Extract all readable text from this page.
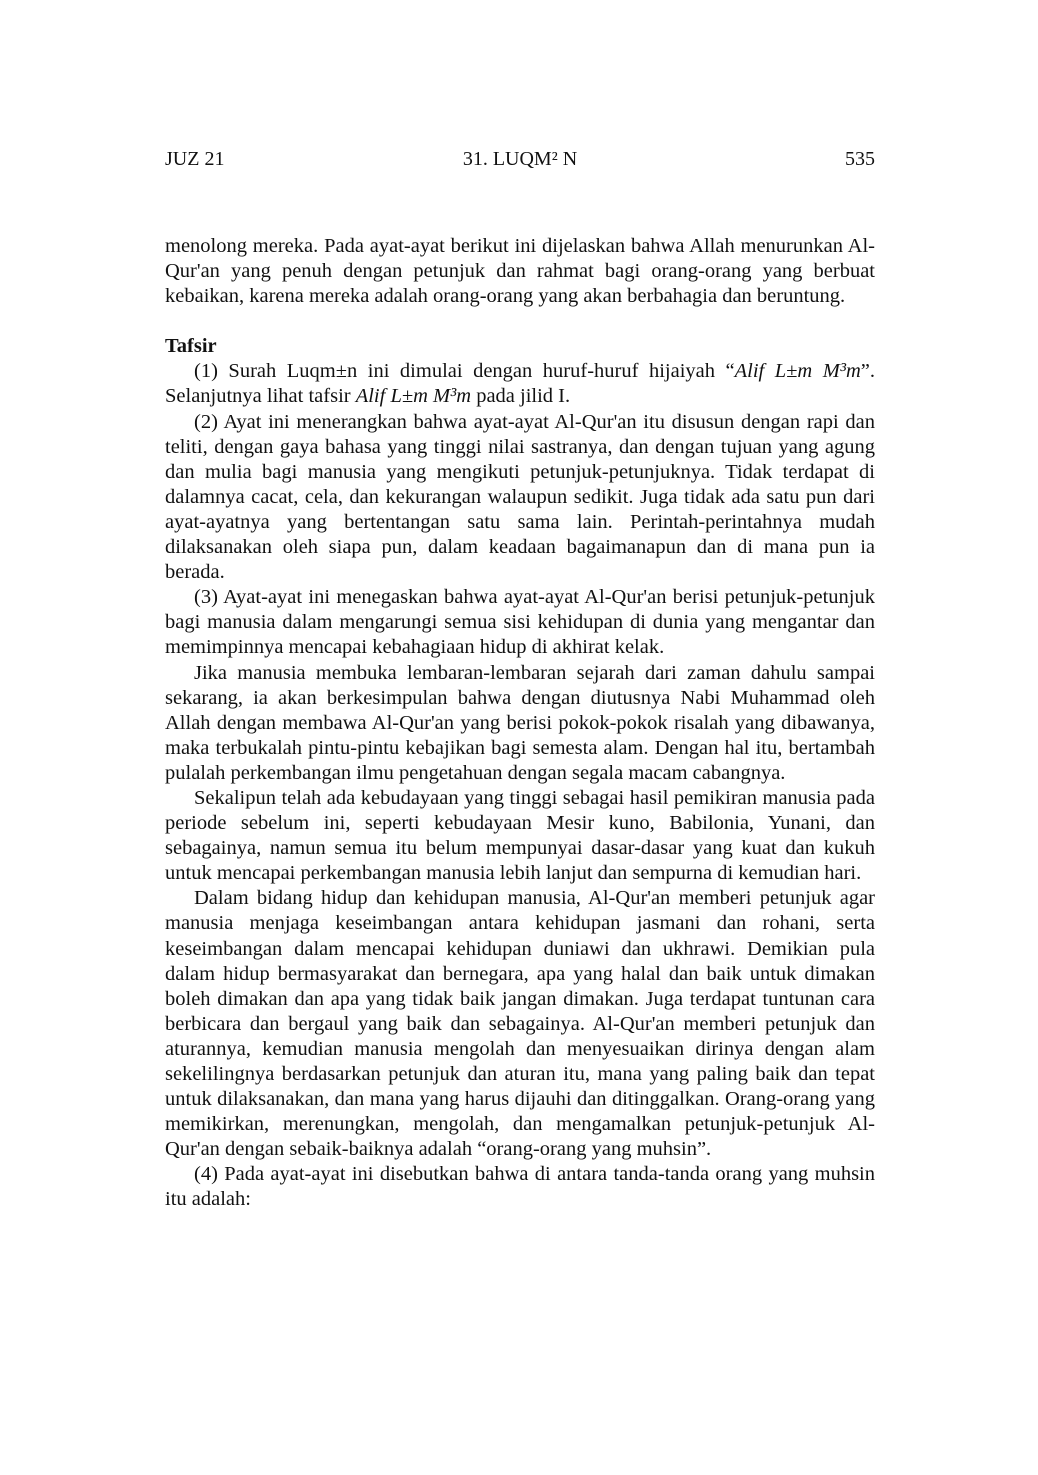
JUZ 21	31. LUQM² N	535

menolong mereka. Pada ayat-ayat berikut ini dijelaskan bahwa Allah menurunkan Al-Qur'an yang penuh dengan petunjuk dan rahmat bagi orang-orang yang berbuat kebaikan, karena mereka adalah orang-orang yang akan berbahagia dan beruntung.

Tafsir

(1) Surah Luqm±n ini dimulai dengan huruf-huruf hijaiyah “Alif L±m M³m”. Selanjutnya lihat tafsir Alif L±m M³m pada jilid I.

(2) Ayat ini menerangkan bahwa ayat-ayat Al-Qur'an itu disusun dengan rapi dan teliti, dengan gaya bahasa yang tinggi nilai sastranya, dan dengan tujuan yang agung dan mulia bagi manusia yang mengikuti petunjuk-petunjuknya. Tidak terdapat di dalamnya cacat, cela, dan kekurangan walaupun sedikit. Juga tidak ada satu pun dari ayat-ayatnya yang bertentangan satu sama lain. Perintah-perintahnya mudah dilaksanakan oleh siapa pun, dalam keadaan bagaimanapun dan di mana pun ia berada.

(3) Ayat-ayat ini menegaskan bahwa ayat-ayat Al-Qur'an berisi petunjuk-petunjuk bagi manusia dalam mengarungi semua sisi kehidupan di dunia yang mengantar dan memimpinnya mencapai kebahagiaan hidup di akhirat kelak.

Jika manusia membuka lembaran-lembaran sejarah dari zaman dahulu sampai sekarang, ia akan berkesimpulan bahwa dengan diutusnya Nabi Muhammad oleh Allah dengan membawa Al-Qur'an yang berisi pokok-pokok risalah yang dibawanya, maka terbukalah pintu-pintu kebajikan bagi semesta alam. Dengan hal itu, bertambah pulalah perkembangan ilmu pengetahuan dengan segala macam cabangnya.

Sekalipun telah ada kebudayaan yang tinggi sebagai hasil pemikiran manusia pada periode sebelum ini, seperti kebudayaan Mesir kuno, Babilonia, Yunani, dan sebagainya, namun semua itu belum mempunyai dasar-dasar yang kuat dan kukuh untuk mencapai perkembangan manusia lebih lanjut dan sempurna di kemudian hari.

Dalam bidang hidup dan kehidupan manusia, Al-Qur'an memberi petunjuk agar manusia menjaga keseimbangan antara kehidupan jasmani dan rohani, serta keseimbangan dalam mencapai kehidupan duniawi dan ukhrawi. Demikian pula dalam hidup bermasyarakat dan bernegara, apa yang halal dan baik untuk dimakan boleh dimakan dan apa yang tidak baik jangan dimakan. Juga terdapat tuntunan cara berbicara dan bergaul yang baik dan sebagainya. Al-Qur'an memberi petunjuk dan aturannya, kemudian manusia mengolah dan menyesuaikan dirinya dengan alam sekelilingnya berdasarkan petunjuk dan aturan itu, mana yang paling baik dan tepat untuk dilaksanakan, dan mana yang harus dijauhi dan ditinggalkan. Orang-orang yang memikirkan, merenungkan, mengolah, dan mengamalkan petunjuk-petunjuk Al-Qur'an dengan sebaik-baiknya adalah “orang-orang yang muhsin”.

(4) Pada ayat-ayat ini disebutkan bahwa di antara tanda-tanda orang yang muhsin itu adalah:
